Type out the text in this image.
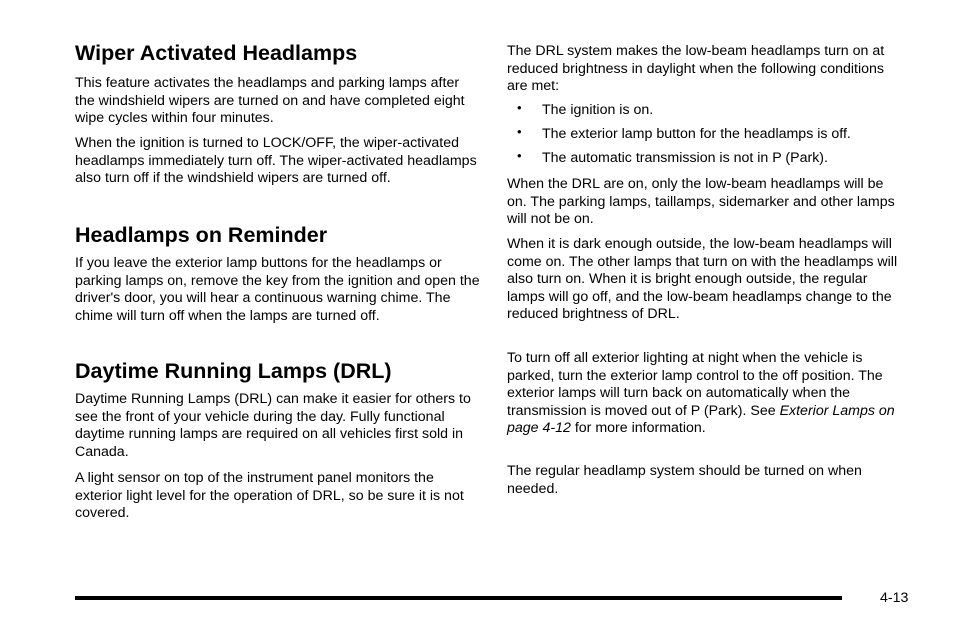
Wiper Activated Headlamps

This feature activates the headlamps and parking lamps after the windshield wipers are turned on and have completed eight wipe cycles within four minutes.

When the ignition is turned to LOCK/OFF, the wiper-activated headlamps immediately turn off. The wiper-activated headlamps also turn off if the windshield wipers are turned off.

Headlamps on Reminder

If you leave the exterior lamp buttons for the headlamps or parking lamps on, remove the key from the ignition and open the driver's door, you will hear a continuous warning chime. The chime will turn off when the lamps are turned off.

Daytime Running Lamps (DRL)

Daytime Running Lamps (DRL) can make it easier for others to see the front of your vehicle during the day. Fully functional daytime running lamps are required on all vehicles first sold in Canada.

A light sensor on top of the instrument panel monitors the exterior light level for the operation of DRL, so be sure it is not covered.

The DRL system makes the low-beam headlamps turn on at reduced brightness in daylight when the following conditions are met:

• The ignition is on.
• The exterior lamp button for the headlamps is off.
• The automatic transmission is not in P (Park).

When the DRL are on, only the low-beam headlamps will be on. The parking lamps, taillamps, sidemarker and other lamps will not be on.

When it is dark enough outside, the low-beam headlamps will come on. The other lamps that turn on with the headlamps will also turn on. When it is bright enough outside, the regular lamps will go off, and the low-beam headlamps change to the reduced brightness of DRL.

To turn off all exterior lighting at night when the vehicle is parked, turn the exterior lamp control to the off position. The exterior lamps will turn back on automatically when the transmission is moved out of P (Park). See Exterior Lamps on page 4-12 for more information.

The regular headlamp system should be turned on when needed.

4-13
